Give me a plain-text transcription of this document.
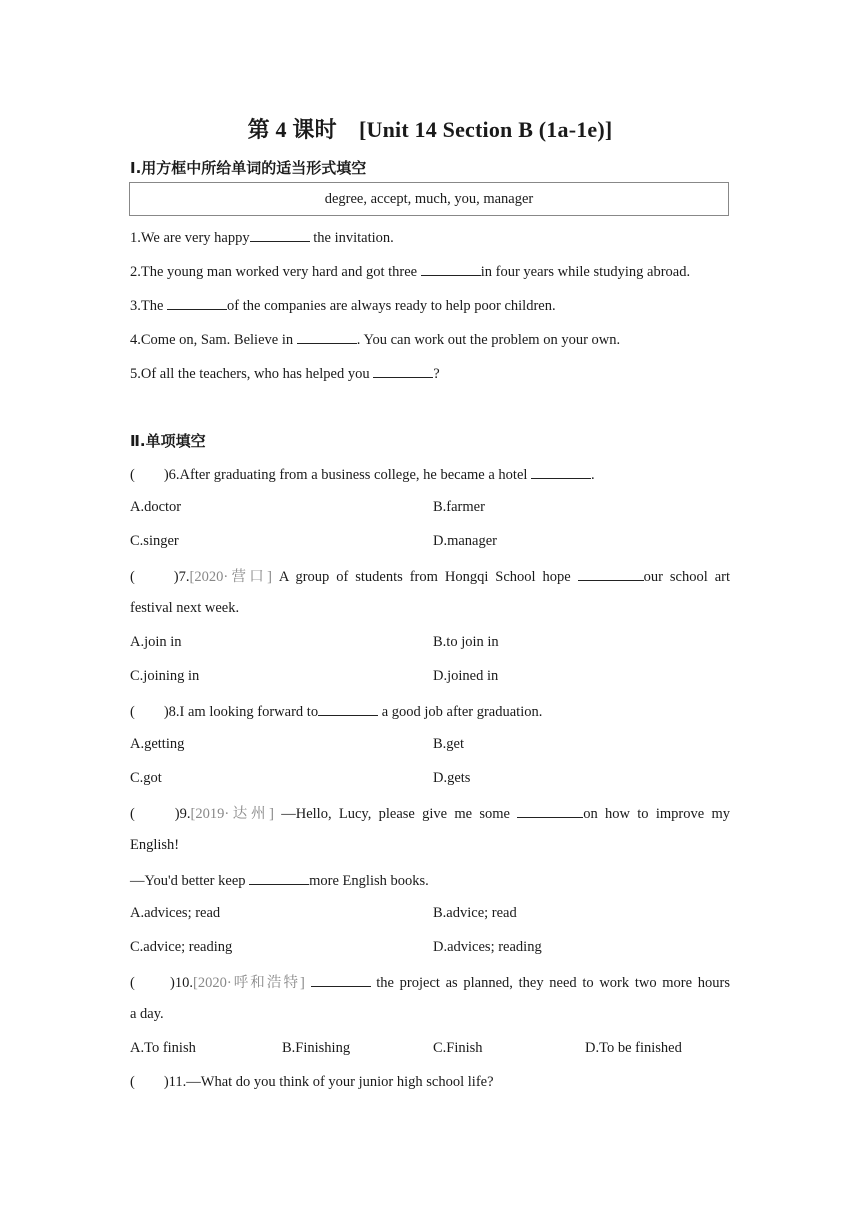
第 4 课时　[Unit 14 Section B (1a-1e)]
Ⅰ.用方框中所给单词的适当形式填空
degree, accept, much, you, manager
1.We are very happy	the invitation.
2.The young man worked very hard and got three	in four years while studying abroad.
3.The	of the companies are always ready to help poor children.
4.Come on, Sam. Believe in	. You can work out the problem on your own.
5.Of all the teachers, who has helped you	?
Ⅱ.单项填空
(　　)6.After graduating from a business college, he became a hotel	.
A.doctor	B.farmer
C.singer	D.manager
(　　)7.[2020·营口] A group of students from Hongqi School hope	our school art
festival next week.
A.join in	B.to join in
C.joining in	D.joined in
(　　)8.I am looking forward to	a good job after graduation.
A.getting	B.get
C.got	D.gets
(　　)9.[2019·达州] —Hello, Lucy, please give me some	on how to improve my
English!
—You'd better keep	more English books.
A.advices; read	B.advice; read
C.advice; reading	D.advices; reading
(　　)10.[2020·呼和浩特]	the project as planned, they need to work two more hours
a day.
A.To finish	B.Finishing	C.Finish	D.To be finished
(　　)11.—What do you think of your junior high school life?
